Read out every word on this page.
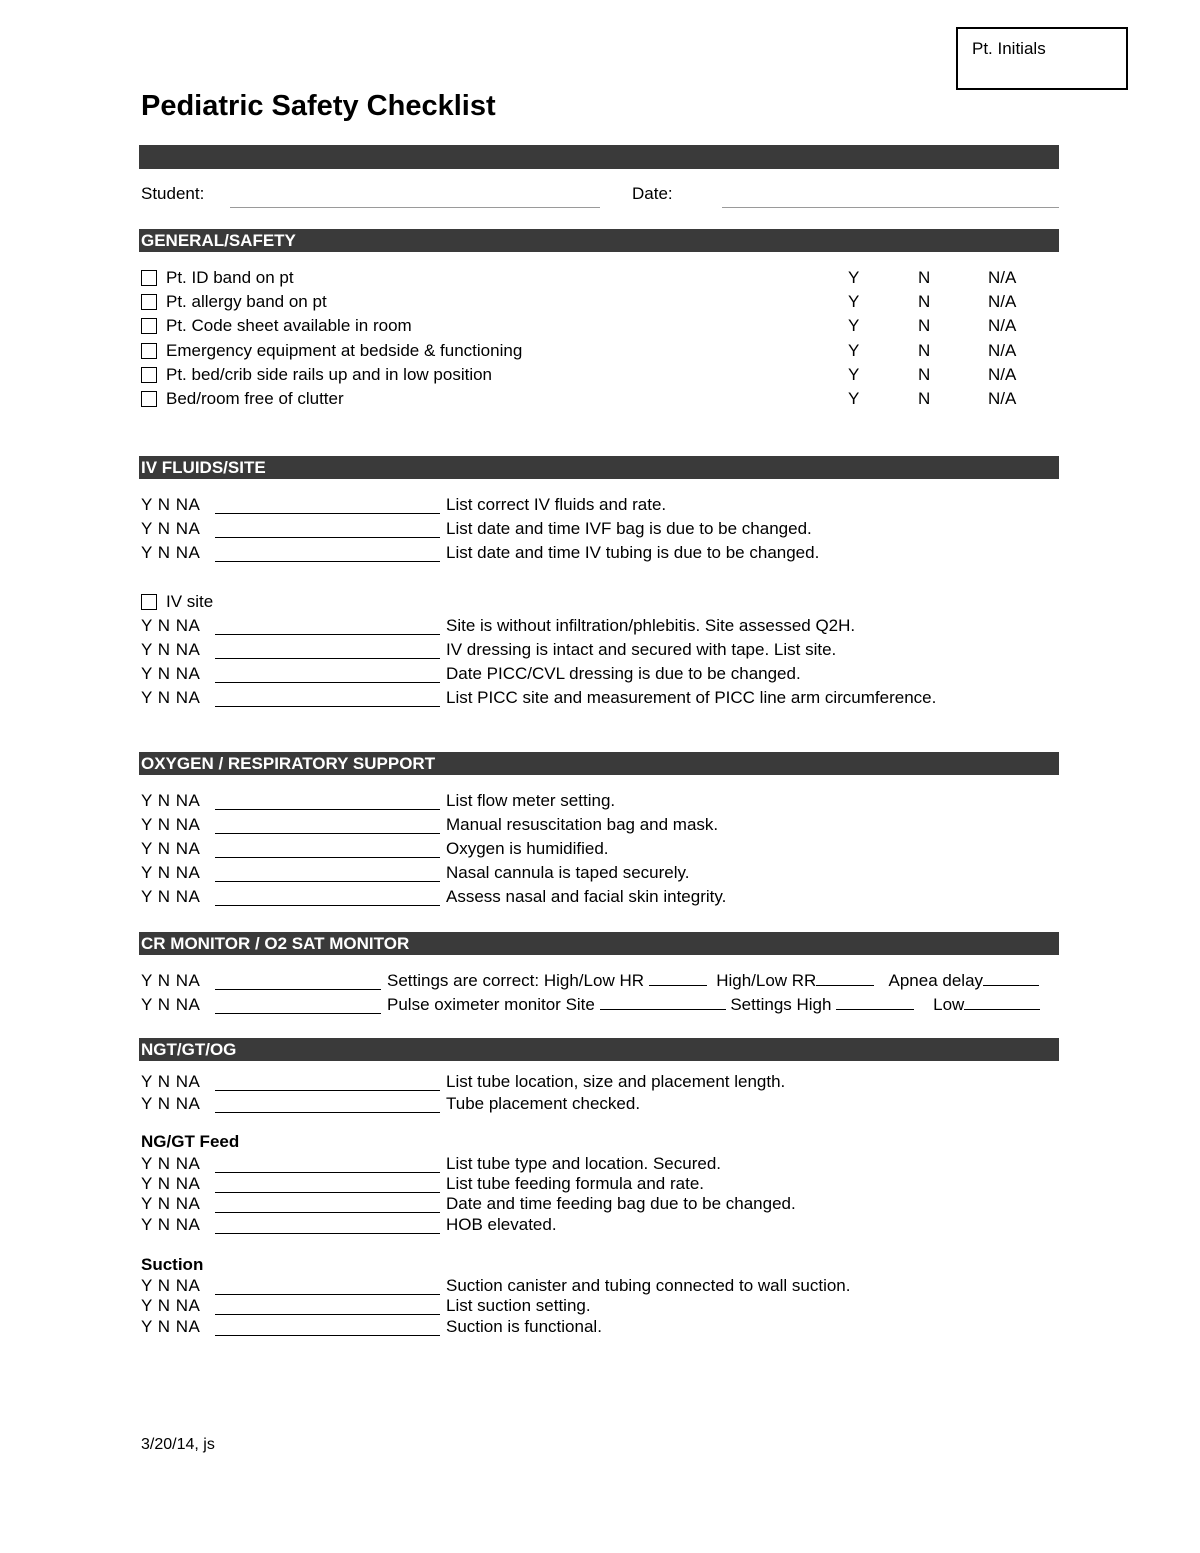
Pt. Initials
Pediatric Safety Checklist
Student:	Date:
GENERAL/SAFETY
Pt. ID band on pt	Y	N	N/A
Pt. allergy band on pt	Y	N	N/A
Pt. Code sheet available in room	Y	N	N/A
Emergency equipment at bedside & functioning	Y	N	N/A
Pt. bed/crib side rails up and in low position	Y	N	N/A
Bed/room free of clutter	Y	N	N/A
IV FLUIDS/SITE
Y N NA	List correct IV fluids and rate.
Y N NA	List date and time IVF bag is due to be changed.
Y N NA	List date and time IV tubing is due to be changed.
IV site
Y N NA	Site is without infiltration/phlebitis. Site assessed Q2H.
Y N NA	IV dressing is intact and secured with tape. List site.
Y N NA	Date PICC/CVL dressing is due to be changed.
Y N NA	List PICC site and measurement of PICC line arm circumference.
OXYGEN / RESPIRATORY SUPPORT
Y N NA	List flow meter setting.
Y N NA	Manual resuscitation bag and mask.
Y N NA	Oxygen is humidified.
Y N NA	Nasal cannula is taped securely.
Y N NA	Assess nasal and facial skin integrity.
CR MONITOR / O2 SAT MONITOR
Y N NA	Settings are correct: High/Low HR	High/Low RR	Apnea delay
Y N NA	Pulse oximeter monitor Site	Settings High	Low
NGT/GT/OG
Y N NA	List tube location, size and placement length.
Y N NA	Tube placement checked.
NG/GT Feed
Y N NA	List tube type and location. Secured.
Y N NA	List tube feeding formula and rate.
Y N NA	Date and time feeding bag due to be changed.
Y N NA	HOB elevated.
Suction
Y N NA	Suction canister and tubing connected to wall suction.
Y N NA	List suction setting.
Y N NA	Suction is functional.
3/20/14, js
